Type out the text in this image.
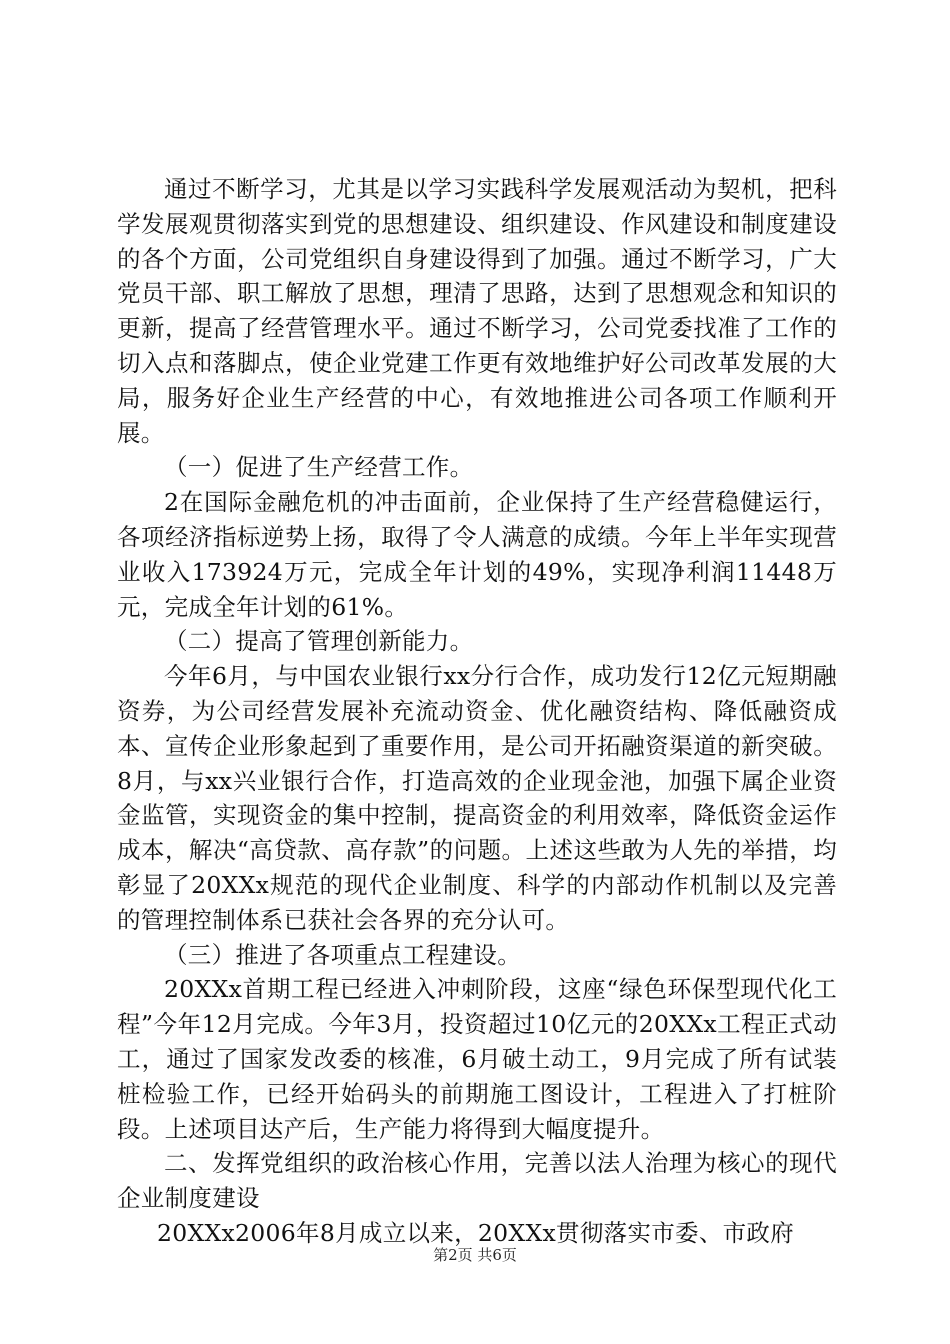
通过不断学习，尤其是以学习实践科学发展观活动为契机，把科学发展观贯彻落实到党的思想建设、组织建设、作风建设和制度建设的各个方面，公司党组织自身建设得到了加强。通过不断学习，广大党员干部、职工解放了思想，理清了思路，达到了思想观念和知识的更新，提高了经营管理水平。通过不断学习，公司党委找准了工作的切入点和落脚点，使企业党建工作更有效地维护好公司改革发展的大局，服务好企业生产经营的中心，有效地推进公司各项工作顺利开展。

（一）促进了生产经营工作。

2在国际金融危机的冲击面前，企业保持了生产经营稳健运行，各项经济指标逆势上扬，取得了令人满意的成绩。今年上半年实现营业收入173924万元，完成全年计划的49%，实现净利润11448万元，完成全年计划的61%。

（二）提高了管理创新能力。

今年6月，与中国农业银行xx分行合作，成功发行12亿元短期融资券，为公司经营发展补充流动资金、优化融资结构、降低融资成本、宣传企业形象起到了重要作用，是公司开拓融资渠道的新突破。8月，与xx兴业银行合作，打造高效的企业现金池，加强下属企业资金监管，实现资金的集中控制，提高资金的利用效率，降低资金运作成本，解决“高贷款、高存款”的问题。上述这些敢为人先的举措，均彰显了20XXx规范的现代企业制度、科学的内部动作机制以及完善的管理控制体系已获社会各界的充分认可。

（三）推进了各项重点工程建设。

20XXx首期工程已经进入冲刺阶段，这座“绿色环保型现代化工程”今年12月完成。今年3月，投资超过10亿元的20XXx工程正式动工，通过了国家发改委的核准，6月破土动工，9月完成了所有试装桩检验工作，已经开始码头的前期施工图设计，工程进入了打桩阶段。上述项目达产后，生产能力将得到大幅度提升。

二、发挥党组织的政治核心作用，完善以法人治理为核心的现代企业制度建设

20XXx2006年8月成立以来，20XXx贯彻落实市委、市政府

第2页 共6页
